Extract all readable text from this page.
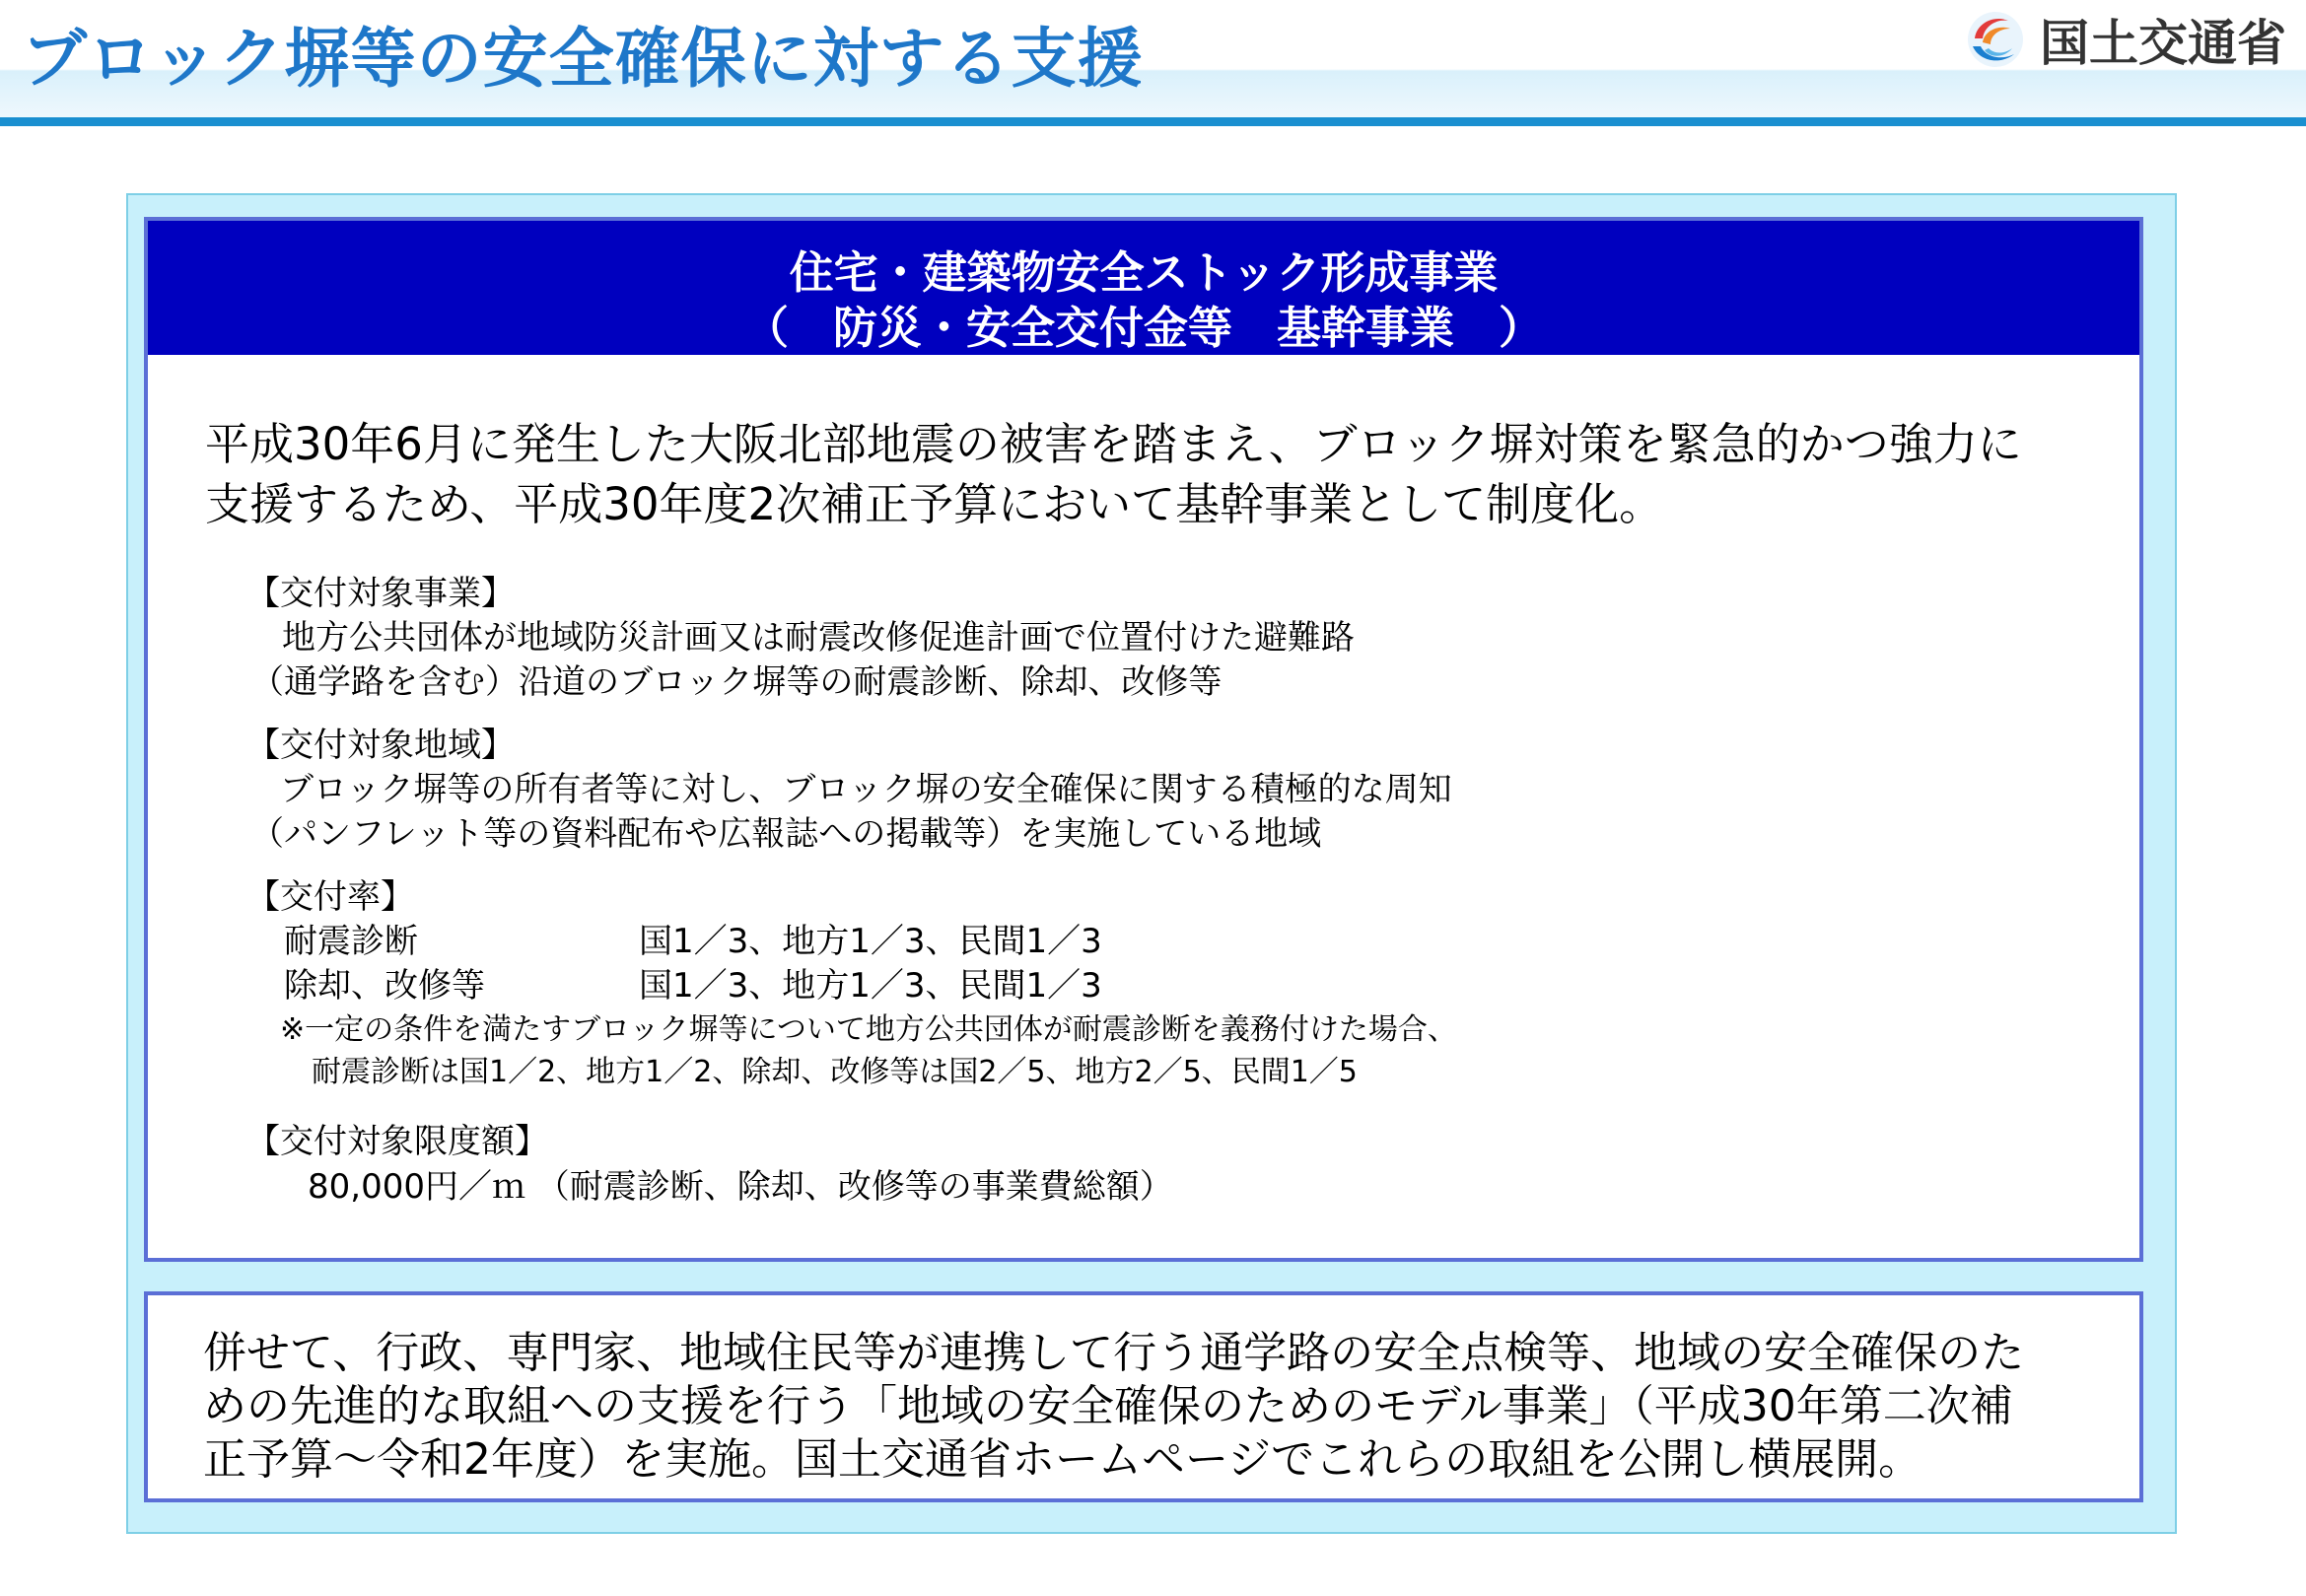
ブロック塀等の安全確保に対する支援	国土交通省
住宅・建築物安全ストック形成事業
（　防災・安全交付金等　基幹事業　）
平成30年6月に発生した大阪北部地震の被害を踏まえ、ブロック塀対策を緊急的かつ強力に
支援するため、平成30年度2次補正予算において基幹事業として制度化。
【交付対象事業】
地方公共団体が地域防災計画又は耐震改修促進計画で位置付けた避難路
（通学路を含む）沿道のブロック塀等の耐震診断、除却、改修等
【交付対象地域】
ブロック塀等の所有者等に対し、ブロック塀の安全確保に関する積極的な周知
（パンフレット等の資料配布や広報誌への掲載等）を実施している地域
【交付率】
耐震診断	国1／3、地方1／3、民間1／3
除却、改修等	国1／3、地方1／3、民間1／3
※一定の条件を満たすブロック塀等について地方公共団体が耐震診断を義務付けた場合、
耐震診断は国1／2、地方1／2、除却、改修等は国2／5、地方2／5、民間1／5
【交付対象限度額】
80,000円／ｍ （耐震診断、除却、改修等の事業費総額）
併せて、行政、専門家、地域住民等が連携して行う通学路の安全点検等、地域の安全確保のた
めの先進的な取組への支援を行う「地域の安全確保のためのモデル事業」（平成30年第二次補
正予算～令和2年度）を実施。国土交通省ホームページでこれらの取組を公開し横展開。
